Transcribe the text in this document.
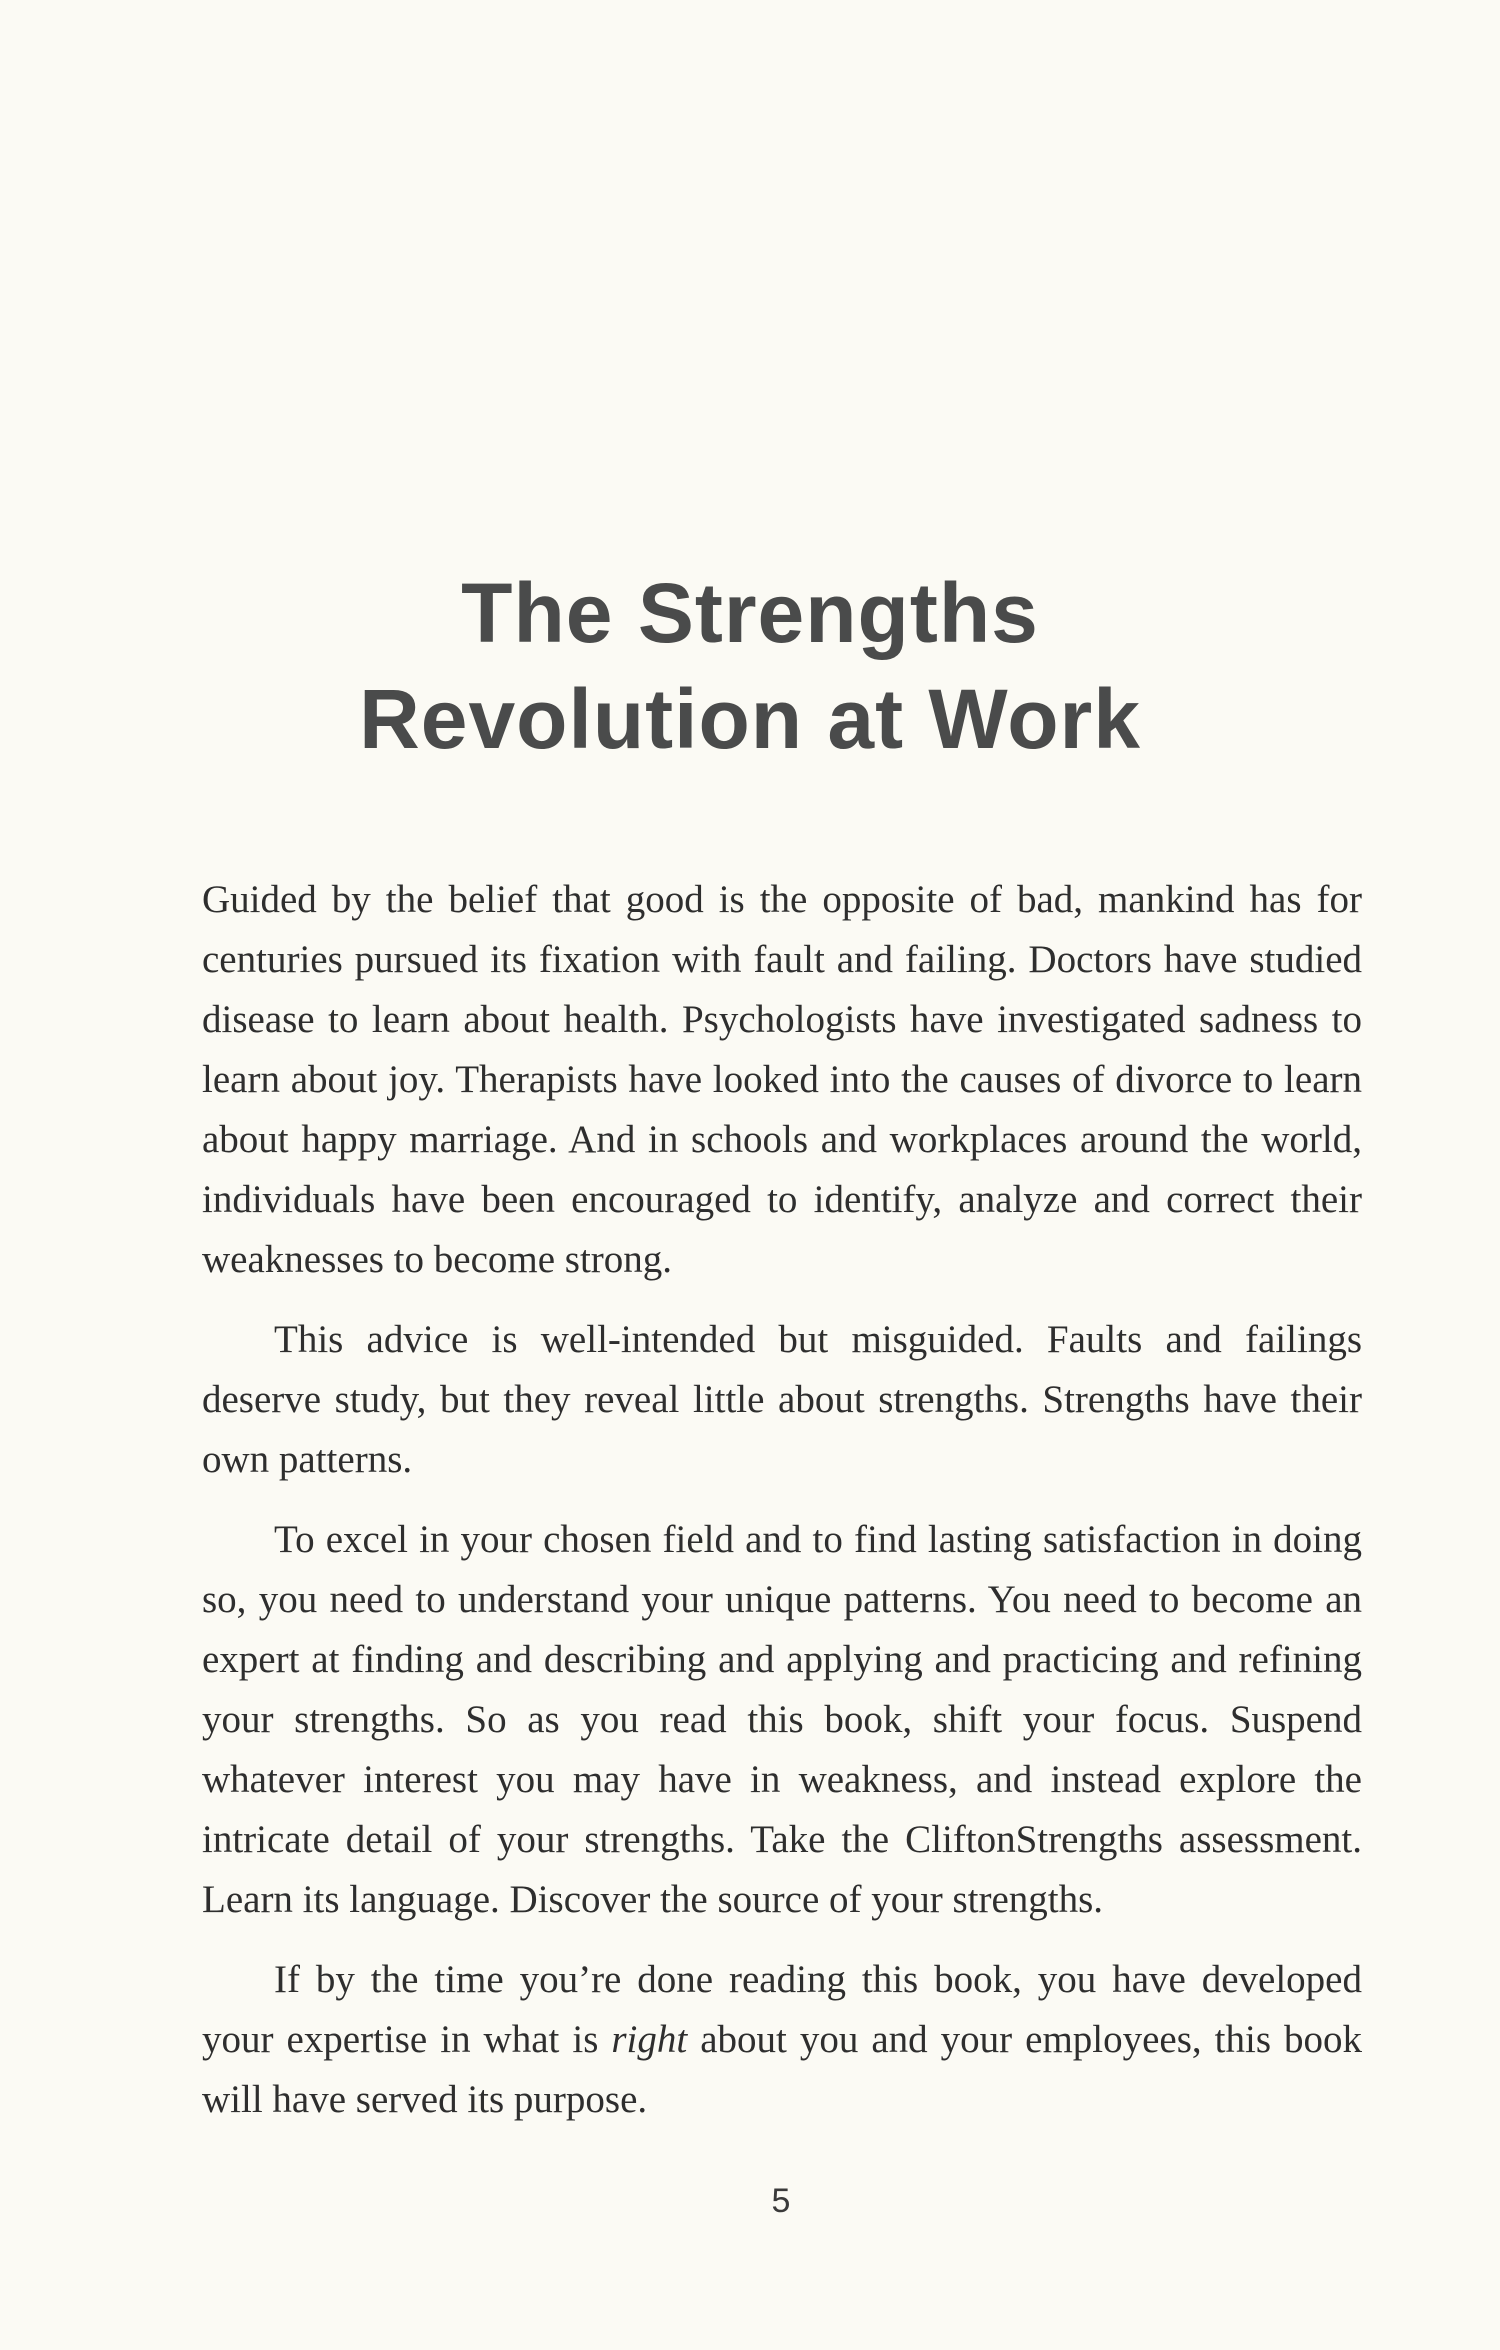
The Strengths
Revolution at Work

Guided by the belief that good is the opposite of bad, mankind has for centuries pursued its fixation with fault and failing. Doctors have studied disease to learn about health. Psychologists have investigated sadness to learn about joy. Therapists have looked into the causes of divorce to learn about happy marriage. And in schools and workplaces around the world, individuals have been encouraged to identify, analyze and correct their weaknesses to become strong.

This advice is well-intended but misguided. Faults and failings deserve study, but they reveal little about strengths. Strengths have their own patterns.

To excel in your chosen field and to find lasting satisfaction in doing so, you need to understand your unique patterns. You need to become an expert at finding and describing and applying and practicing and refining your strengths. So as you read this book, shift your focus. Suspend whatever interest you may have in weakness, and instead explore the intricate detail of your strengths. Take the CliftonStrengths assessment. Learn its language. Discover the source of your strengths.

If by the time you’re done reading this book, you have developed your expertise in what is right about you and your employees, this book will have served its purpose.

5
